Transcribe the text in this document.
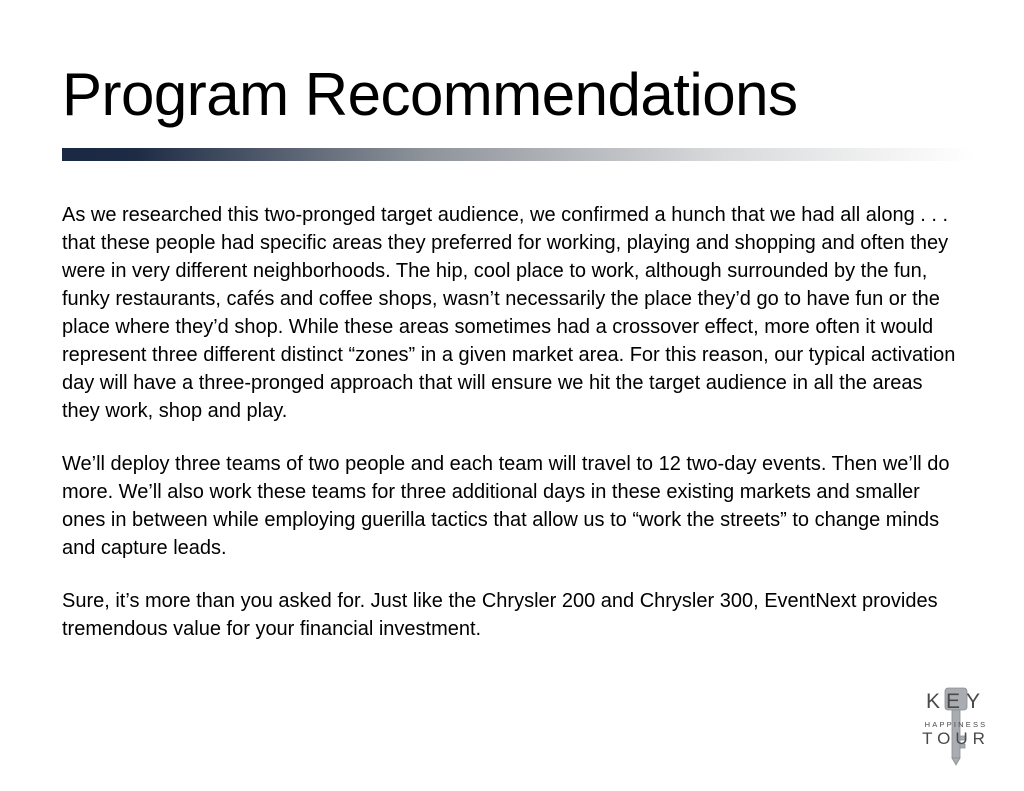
Program Recommendations

As we researched this two-pronged target audience, we confirmed a hunch that we had all along . . . that these people had specific areas they preferred for working, playing and shopping and often they were in very different neighborhoods. The hip, cool place to work, although surrounded by the fun, funky restaurants, cafés and coffee shops, wasn’t necessarily the place they’d go to have fun or the place where they’d shop. While these areas sometimes had a crossover effect, more often it would represent three different distinct “zones” in a given market area. For this reason, our typical activation day will have a three-pronged approach that will ensure we hit the target audience in all the areas they work, shop and play.

We’ll deploy three teams of two people and each team will travel to 12 two-day events. Then we’ll do more. We’ll also work these teams for three additional days in these existing markets and smaller ones in between while employing guerilla tactics that allow us to “work the streets” to change minds and capture leads.

Sure, it’s more than you asked for. Just like the Chrysler 200 and Chrysler 300, EventNext provides tremendous value for your financial investment.

KEY
HAPPINESS
TOUR
